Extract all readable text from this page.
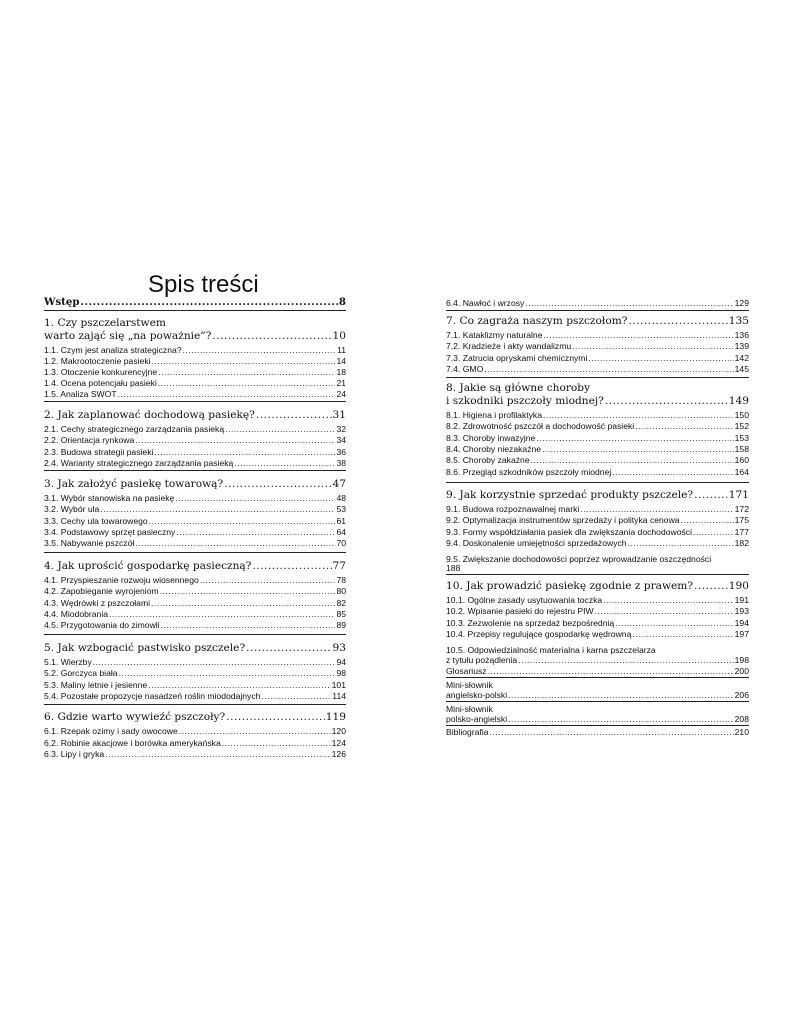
Spis treści
Wstęp .....	8
1. Czy pszczelarstwem
warto zająć się „na poważnie”? .....	10
1.1. Czym jest analiza strategiczna? .....	11
1.2. Makrootoczenie pasieki .....	14
1.3. Otoczenie konkurencyjne .....	18
1.4. Ocena potencjału pasieki .....	21
1.5. Analiza SWOT .....	24
2. Jak zaplanować dochodową pasiekę? .....	31
2.1. Cechy strategicznego zarządzania pasieką .....	32
2.2. Orientacja rynkowa .....	34
2.3. Budowa strategii pasieki .....	36
2.4. Warianty strategicznego zarządzania pasieką .....	38
3. Jak założyć pasiekę towarową? .....	47
3.1. Wybór stanowiska na pasiekę .....	48
3.2. Wybór ula .....	53
3.3. Cechy ula towarowego .....	61
3.4. Podstawowy sprzęt pasieczny .....	64
3.5. Nabywanie pszczół .....	70
4. Jak uprościć gospodarkę pasieczną? .....	77
4.1. Przyspieszanie rozwoju wiosennego .....	78
4.2. Zapobieganie wyrojeniom .....	80
4.3. Wędrówki z pszczołami .....	82
4.4. Miodobrania .....	85
4.5. Przygotowania do zimowli .....	89
5. Jak wzbogacić pastwisko pszczele? .....	93
5.1. Wierzby .....	94
5.2. Gorczyca biała .....	98
5.3. Maliny letnie i jesienne .....	101
5.4. Pozostałe propozycje nasadzeń roślin miododajnych .....	114
6. Gdzie warto wywieźć pszczoły? .....	119
6.1. Rzepak ozimy i sady owocowe .....	120
6.2. Robinie akacjowe i borówka amerykańska .....	124
6.3. Lipy i gryka .....	126
6.4. Nawłoć i wrzosy .....	129
7. Co zagraża naszym pszczołom? .....	135
7.1. Kataklizmy naturalne .....	136
7.2. Kradzieże i akty wandalizmu .....	139
7.3. Zatrucia opryskami chemicznymi .....	142
7.4. GMO .....	145
8. Jakie są główne choroby
i szkodniki pszczoły miodnej? .....	149
8.1. Higiena i profilaktyka .....	150
8.2. Zdrowotność pszczół a dochodowość pasieki .....	152
8.3. Choroby inwazyjne .....	153
8.4. Choroby niezakaźne .....	158
8.5. Choroby zakaźne .....	160
8.6. Przegląd szkodników pszczoły miodnej .....	164
9. Jak korzystnie sprzedać produkty pszczele? .....	171
9.1. Budowa rozpoznawalnej marki .....	172
9.2. Optymalizacja instrumentów sprzedaży i polityka cenowa .....	175
9.3. Formy współdziałania pasiek dla zwiększania dochodowości .....	177
9.4. Doskonalenie umiejętności sprzedażowych .....	182
9.5. Zwiększanie dochodowości poprzez wprowadzanie oszczędności
188
10. Jak prowadzić pasiekę zgodnie z prawem? .....	190
10.1. Ogólne zasady usytuowania toczka .....	191
10.2. Wpisanie pasieki do rejestru PIW .....	193
10.3. Zezwolenie na sprzedaż bezpośrednią .....	194
10.4. Przepisy regulujące gospodarkę wędrowną .....	197
10.5. Odpowiedzialność materialna i karna pszczelarza
z tytułu pożądlenia .....	198
Glosariusz .....	200
Mini-słownik
angielsko-polski .....	206
Mini-słownik
polsko-angielski .....	208
Bibliografia .....	210
